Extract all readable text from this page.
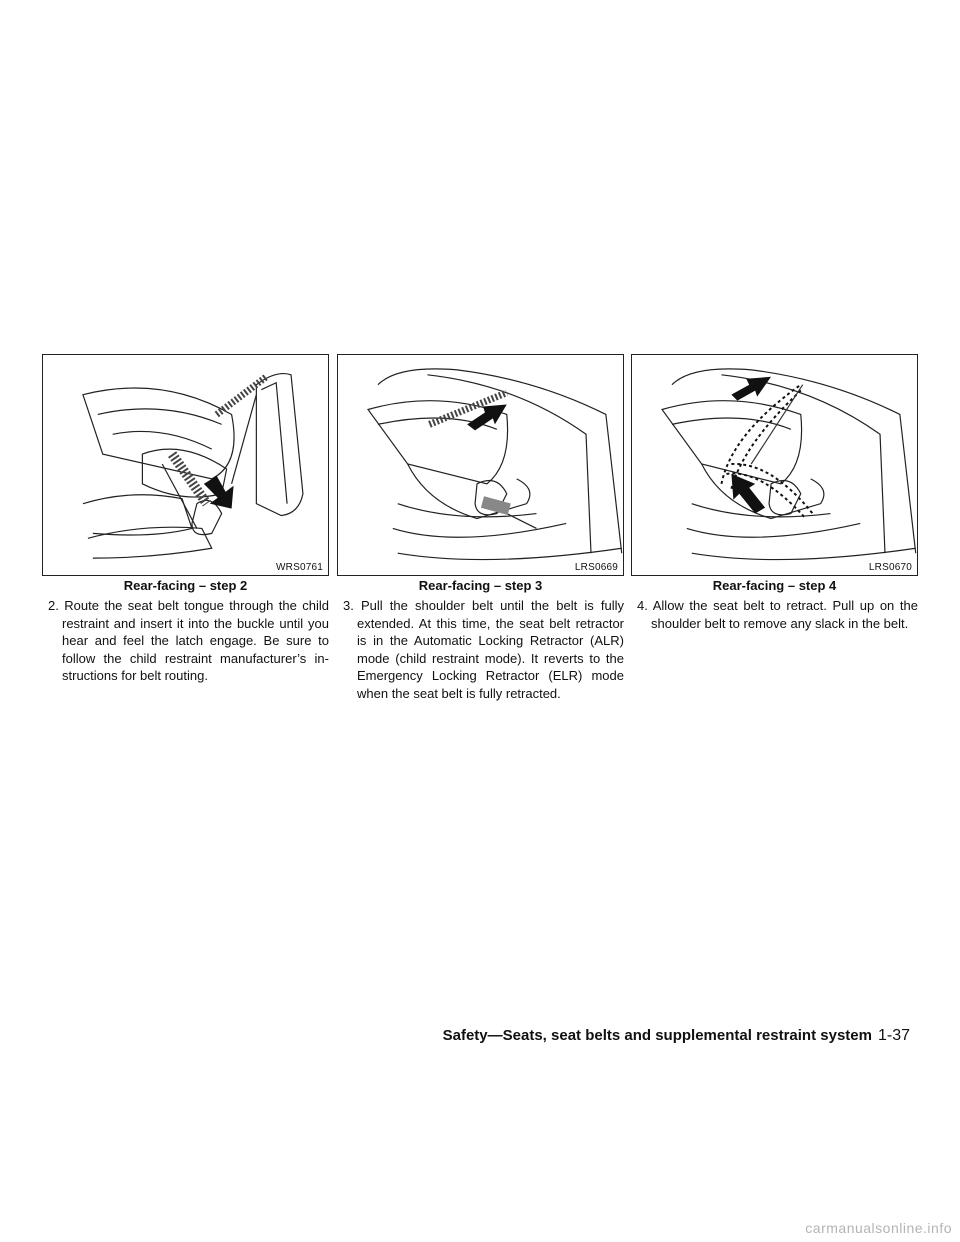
WRS0761	LRS0669	LRS0670
Rear-facing – step 2	Rear-facing – step 3	Rear-facing – step 4
2. Route the seat belt tongue through the child restraint and insert it into the buckle until you hear and feel the latch engage. Be sure to follow the child restraint manufacturer’s in-structions for belt routing.
3. Pull the shoulder belt until the belt is fully extended. At this time, the seat belt retractor is in the Automatic Locking Retractor (ALR) mode (child restraint mode). It reverts to the Emergency Locking Retractor (ELR) mode when the seat belt is fully retracted.
4. Allow the seat belt to retract. Pull up on the shoulder belt to remove any slack in the belt.
Safety—Seats, seat belts and supplemental restraint system 1-37
carmanualsonline.info
